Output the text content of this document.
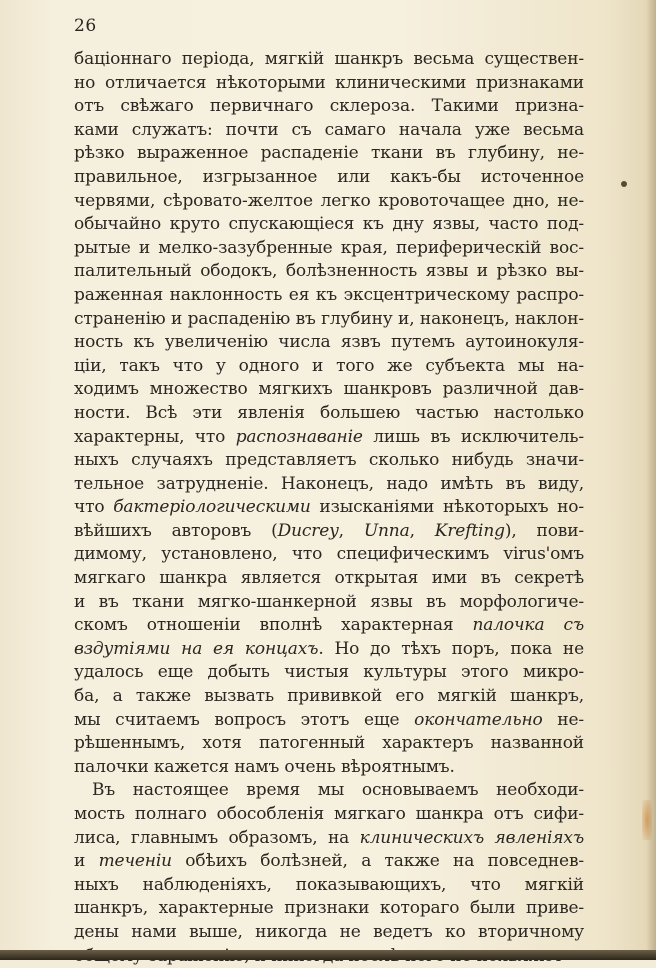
26
бацiоннаго перiода, мягкiй шанкръ весьма существен-
но отличается нѣкоторыми клиническими признаками
отъ свѣжаго первичнаго склероза. Такими призна-
ками служатъ: почти съ самаго начала уже весьма
рѣзко выраженное распаденiе ткани въ глубину, не-
правильное, изгрызанное или какъ-бы источенное
червями, сѣровато-желтое легко кровоточащее дно, не-
обычайно круто спускающiеся къ дну язвы, часто под-
рытые и мелко-зазубренные края, периферическiй вос-
палительный ободокъ, болѣзненность язвы и рѣзко вы-
раженная наклонность ея къ эксцентрическому распро-
страненiю и распаденiю въ глубину и, наконецъ, наклон-
ность къ увеличенiю числа язвъ путемъ аутоинокуля-
цiи, такъ что у одного и того же субъекта мы на-
ходимъ множество мягкихъ шанкровъ различной дав-
ности. Всѣ эти явленiя большею частью настолько
характерны, что распознаванiе лишь въ исключитель-
ныхъ случаяхъ представляетъ сколько нибудь значи-
тельное затрудненiе. Наконецъ, надо имѣть въ виду,
что бактерiологическими изысканiями нѣкоторыхъ но-
вѣйшихъ авторовъ (Ducrey, Unna, Krefting), пови-
димому, установлено, что специфическимъ virus'омъ
мягкаго шанкра является открытая ими въ секретѣ
и въ ткани мягко-шанкерной язвы въ морфологиче-
скомъ отношенiи вполнѣ характерная палочка съ
вздутiями на ея концахъ. Но до тѣхъ поръ, пока не
удалось еще добыть чистыя культуры этого микро-
ба, а также вызвать прививкой его мягкiй шанкръ,
мы считаемъ вопросъ этотъ еще окончательно не-
рѣшеннымъ, хотя патогенный характеръ названной
палочки кажется намъ очень вѣроятнымъ.
Въ настоящее время мы основываемъ необходи-
мость полнаго обособленiя мягкаго шанкра отъ сифи-
лиса, главнымъ образомъ, на клиническихъ явленiяхъ
и теченiи обѣихъ болѣзней, а также на повседнев-
ныхъ наблюденiяхъ, показывающихъ, что мягкiй
шанкръ, характерные признаки котораго были приве-
дены нами выше, никогда не ведетъ ко вторичному
